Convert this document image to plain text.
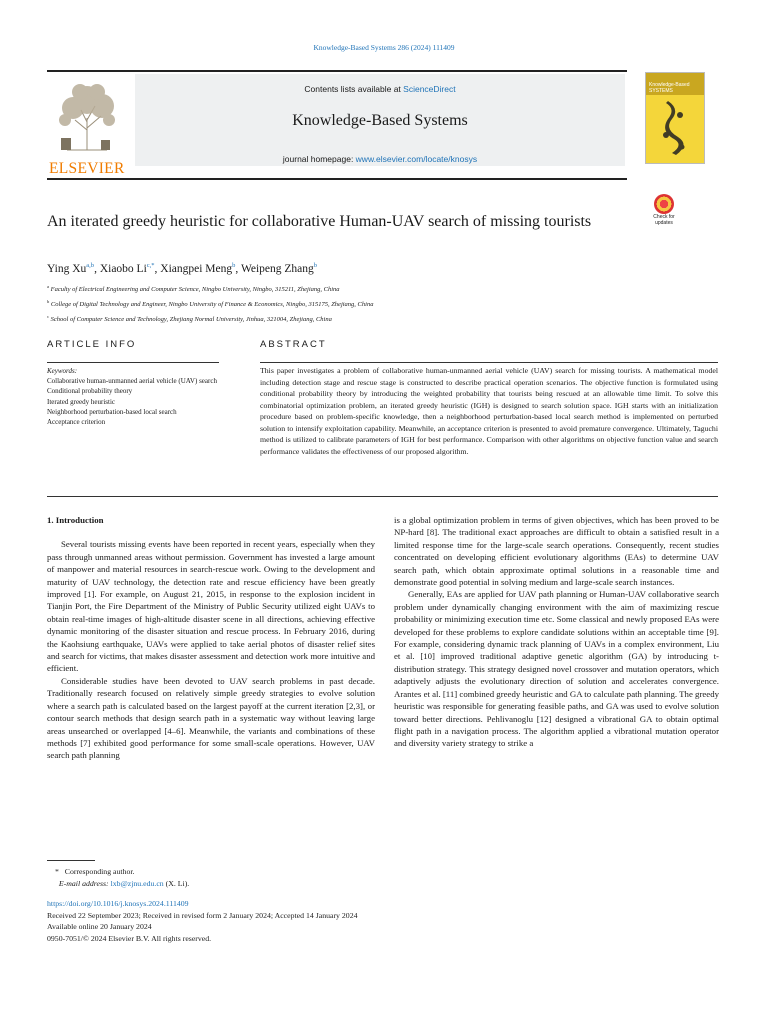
Knowledge-Based Systems 286 (2024) 111409
ELSEVIER
Contents lists available at ScienceDirect
Knowledge-Based Systems
journal homepage: www.elsevier.com/locate/knosys
Knowledge-Based SYSTEMS
An iterated greedy heuristic for collaborative Human-UAV search of missing tourists	Check for updates
Ying Xu$^{a,b}$, Xiaobo $Li^{c,*}$, Xiangpei Meng$^b$, Weipeng Zhang$^b$
$^a$ Faculty of Electrical Engineering and Computer Science, Ningbo University, Ningbo, 315211, Zhejiang, China
$^b$ College of Digital Technology and Engineer, Ningbo University of Finance & Economics, Ningbo, 315175, Zhejiang, China
$^c$ School of Computer Science and Technology, Zhejiang Normal University, Jinhua, 321004, Zhejiang, China
ARTICLE INFO	ABSTRACT
Keywords:
Collaborative human-unmanned aerial vehicle (UAV) search
Conditional probability theory
Iterated greedy heuristic
Neighborhood perturbation-based local search
Acceptance criterion
This paper investigates a problem of collaborative human-unmanned aerial vehicle (UAV) search for missing tourists. A mathematical model including detection stage and rescue stage is constructed to describe practical operation scenarios. The objective function is formulated using conditional probability theory by introducing the weighted probability that tourists being rescued at an allowable time limit. To solve this combinatorial optimization problem, an iterated greedy heuristic (IGH) is designed to search solution space. IGH starts with an initialization procedure based on problem-specific knowledge, then a neighborhood perturbation-based local search method is implemented on perturbed solution to intensify exploitation capability. Meanwhile, an acceptance criterion is presented to avoid premature convergence. Ultimately, Taguchi method is utilized to calibrate parameters of IGH for best performance. Comparison with other algorithms on objective function value and search performance validates the effectiveness of our proposed algorithm.
1. Introduction

Several tourists missing events have been reported in recent years, especially when they pass through unmanned areas without permission. Government has invested a large amount of manpower and material resources in search-rescue work. Owing to the development and maturity of UAV technology, the detection rate and rescue efficiency have been greatly improved [1]. For example, on August 21, 2015, in response to the explosion incident in Tianjin Port, the Fire Department of the Ministry of Public Security utilized eight UAVs to obtain real-time images of high-altitude disaster scene in all directions, achieving effective dynamic monitoring of the disaster situation and rescue process. In February 2016, during the Kaohsiung earthquake, UAVs were applied to take aerial photos of disaster relief sites and search for victims, that makes disaster assessment and detection work more intuitive and efficient.

Considerable studies have been devoted to UAV search problems in past decade. Traditionally research focused on relatively simple greedy strategies to evolve solution where a search path is calculated based on the largest payoff at the current iteration [2,3], or contour search methods that design search path in a systematic way without leaving large areas unsearched or overlapped [4–6]. Meanwhile, the variants and combinations of these methods [7] exhibited good performance for some small-scale operations. However, UAV search path planning

is a global optimization problem in terms of given objectives, which has been proved to be NP-hard [8]. The traditional exact approaches are difficult to obtain a satisfied result in a limited response time for the large-scale search operations. Consequently, recent studies concentrated on developing efficient evolutionary algorithms (EAs) to determine UAV search path, which obtain approximate optimal solutions in a reasonable time and demonstrate good potential in solving medium and large-scale search instances.

Generally, EAs are applied for UAV path planning or Human-UAV collaborative search problem under dynamically changing environment with the aim of maximizing rescue probability or minimizing execution time etc. Some classical and newly proposed EAs were developed for these problems to explore candidate solutions within an acceptable time [9]. For example, considering dynamic track planning of UAVs in a complex environment, Liu et al. [10] improved traditional adaptive genetic algorithm (GA) by introducing t-distribution strategy. This strategy designed novel crossover and mutation operators, which adaptively adjusts the evolutionary direction of solution and accelerates convergence. Arantes et al. [11] combined greedy heuristic and GA to calculate path planning. The greedy heuristic was responsible for generating feasible paths, and GA was used to evolve solution toward better directions. Pehlivanoglu [12] designed a vibrational GA to obtain optimal flight path in a navigation process. The algorithm applied a vibrational mutation operator and diversity variety strategy to strike a

*   Corresponding author.
E-mail address: lxb@zjnu.edu.cn (X. Li).
https://doi.org/10.1016/j.knosys.2024.111409
Received 22 September 2023; Received in revised form 2 January 2024; Accepted 14 January 2024
Available online 20 January 2024
0950-7051/© 2024 Elsevier B.V. All rights reserved.
